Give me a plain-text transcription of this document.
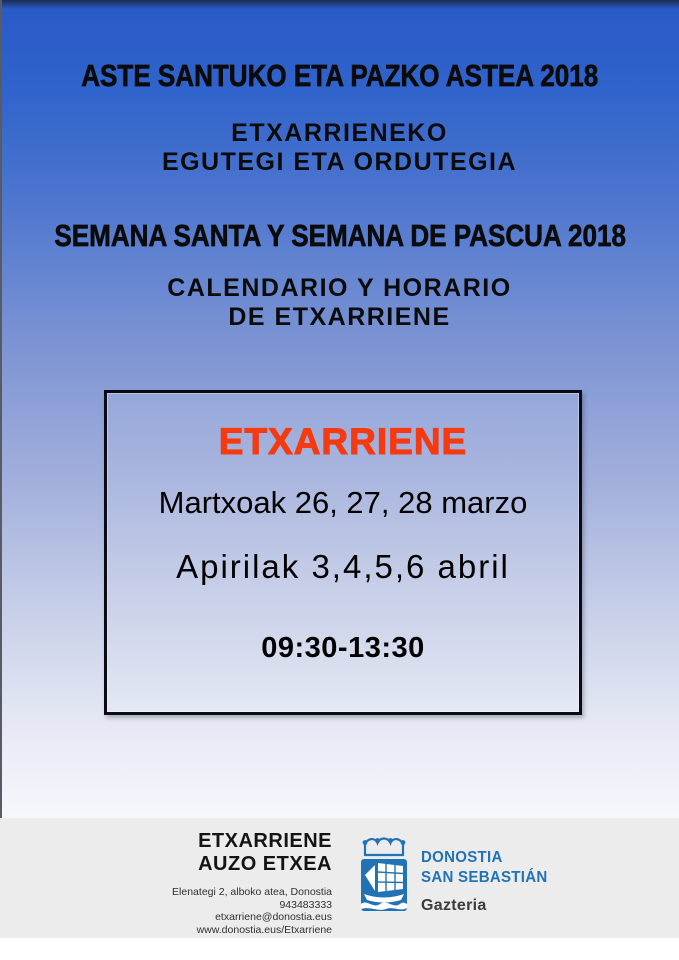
ASTE SANTUKO ETA PAZKO ASTEA 2018
ETXARRIENEKO
EGUTEGI ETA ORDUTEGIA
SEMANA SANTA Y SEMANA DE PASCUA 2018
CALENDARIO Y HORARIO
DE ETXARRIENE
ETXARRIENE
Martxoak 26, 27, 28 marzo
Apirilak 3,4,5,6 abril
09:30-13:30
ETXARRIENE
AUZO ETXEA
Elenategi 2, alboko atea, Donostia
943483333
etxarriene@donostia.eus
www.donostia.eus/Etxarriene
DONOSTIA
SAN SEBASTIÁN
Gazteria
